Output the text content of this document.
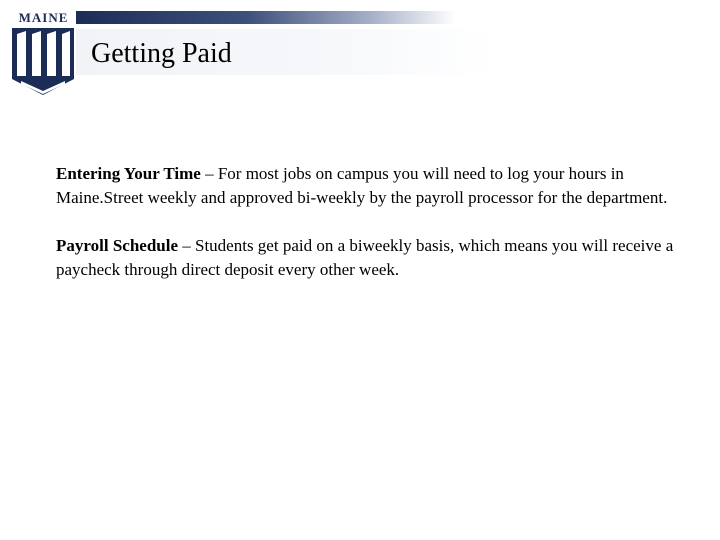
MAINE
Getting Paid

Entering Your Time – For most jobs on campus you will need to log your hours in Maine.Street weekly and approved bi-weekly by the payroll processor for the department.

Payroll Schedule – Students get paid on a biweekly basis, which means you will receive a paycheck through direct deposit every other week.
